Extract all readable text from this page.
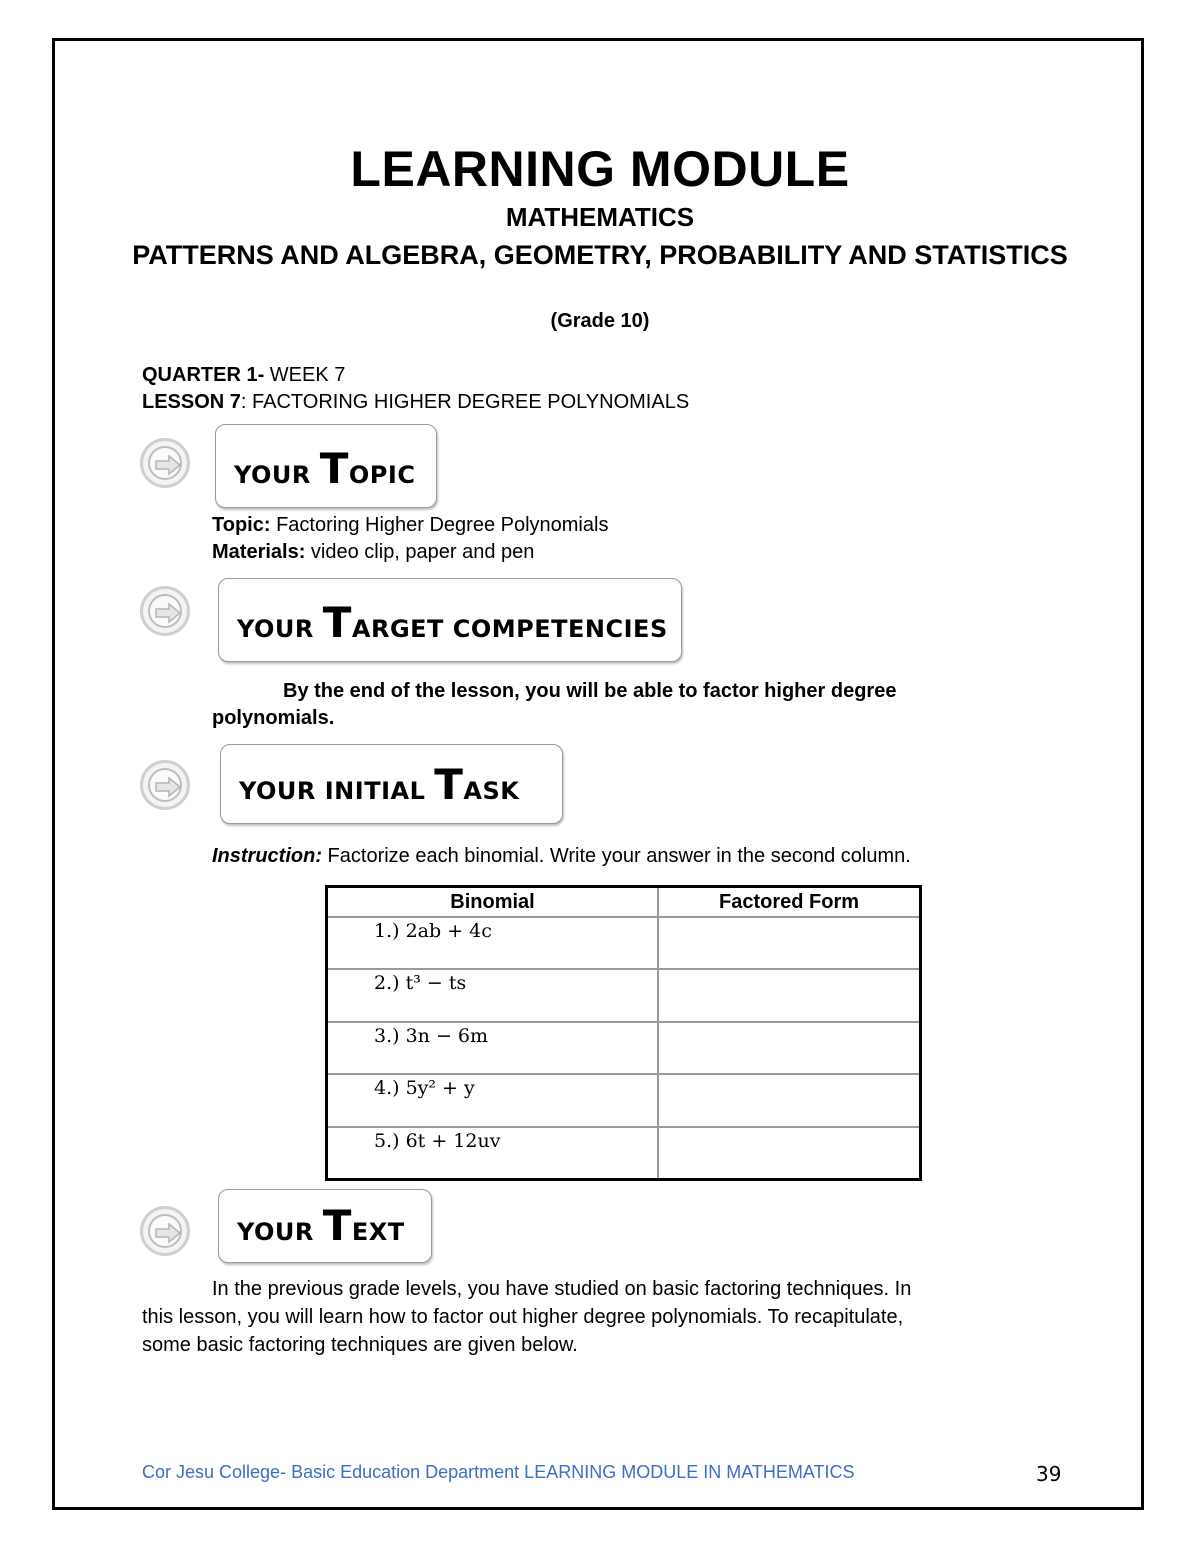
LEARNING MODULE
MATHEMATICS
PATTERNS AND ALGEBRA, GEOMETRY, PROBABILITY AND STATISTICS
(Grade 10)
QUARTER 1- WEEK 7
LESSON 7: FACTORING HIGHER DEGREE POLYNOMIALS
YOUR TOPIC
Topic: Factoring Higher Degree Polynomials
Materials: video clip, paper and pen
YOUR TARGET COMPETENCIES
By the end of the lesson, you will be able to factor higher degree
polynomials.
YOUR INITIAL TASK
Instruction: Factorize each binomial. Write your answer in the second column.
Binomial	Factored Form
1.) 2ab + 4c	
2.) t³ − ts	
3.) 3n − 6m	
4.) 5y² + y	
5.) 6t + 12uv	
YOUR TEXT
In the previous grade levels, you have studied on basic factoring techniques. In
this lesson, you will learn how to factor out higher degree polynomials. To recapitulate,
some basic factoring techniques are given below.
Cor Jesu College- Basic Education Department LEARNING MODULE IN MATHEMATICS	39
